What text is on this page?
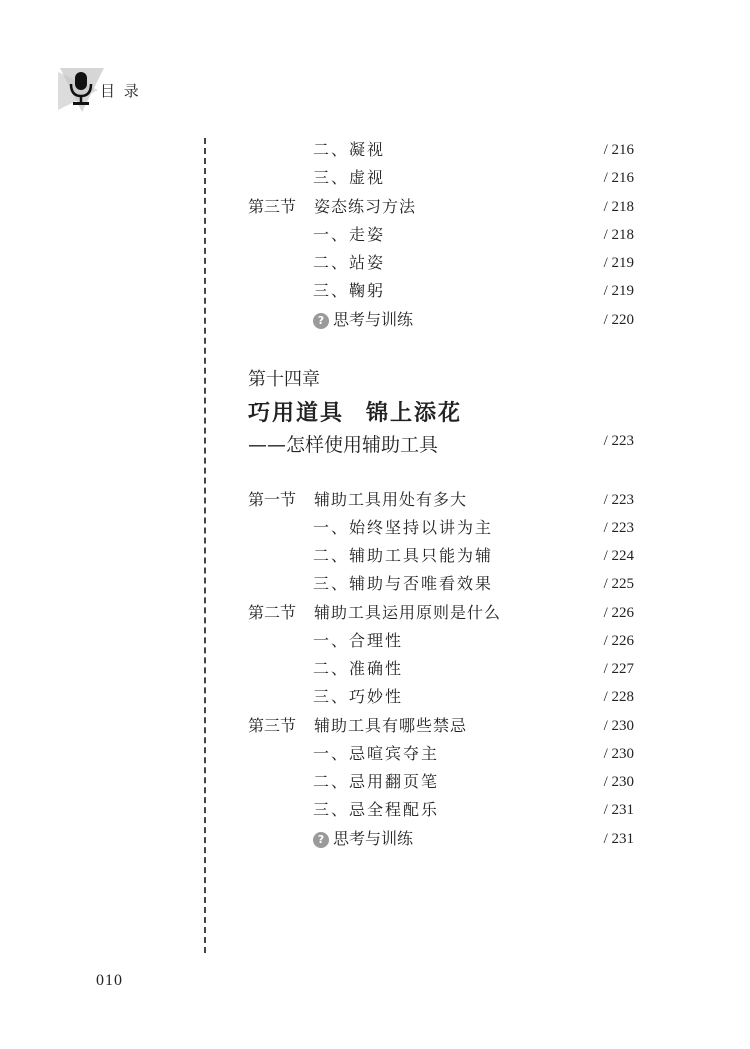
目 录
二、凝视	/ 216
三、虚视	/ 216
第三节 姿态练习方法	/ 218
一、走姿	/ 218
二、站姿	/ 219
三、鞠躬	/ 219
? 思考与训练	/ 220
第十四章
巧用道具 锦上添花
——怎样使用辅助工具	/ 223
第一节 辅助工具用处有多大	/ 223
一、始终坚持以讲为主	/ 223
二、辅助工具只能为辅	/ 224
三、辅助与否唯看效果	/ 225
第二节 辅助工具运用原则是什么	/ 226
一、合理性	/ 226
二、准确性	/ 227
三、巧妙性	/ 228
第三节 辅助工具有哪些禁忌	/ 230
一、忌喧宾夺主	/ 230
二、忌用翻页笔	/ 230
三、忌全程配乐	/ 231
? 思考与训练	/ 231
010
